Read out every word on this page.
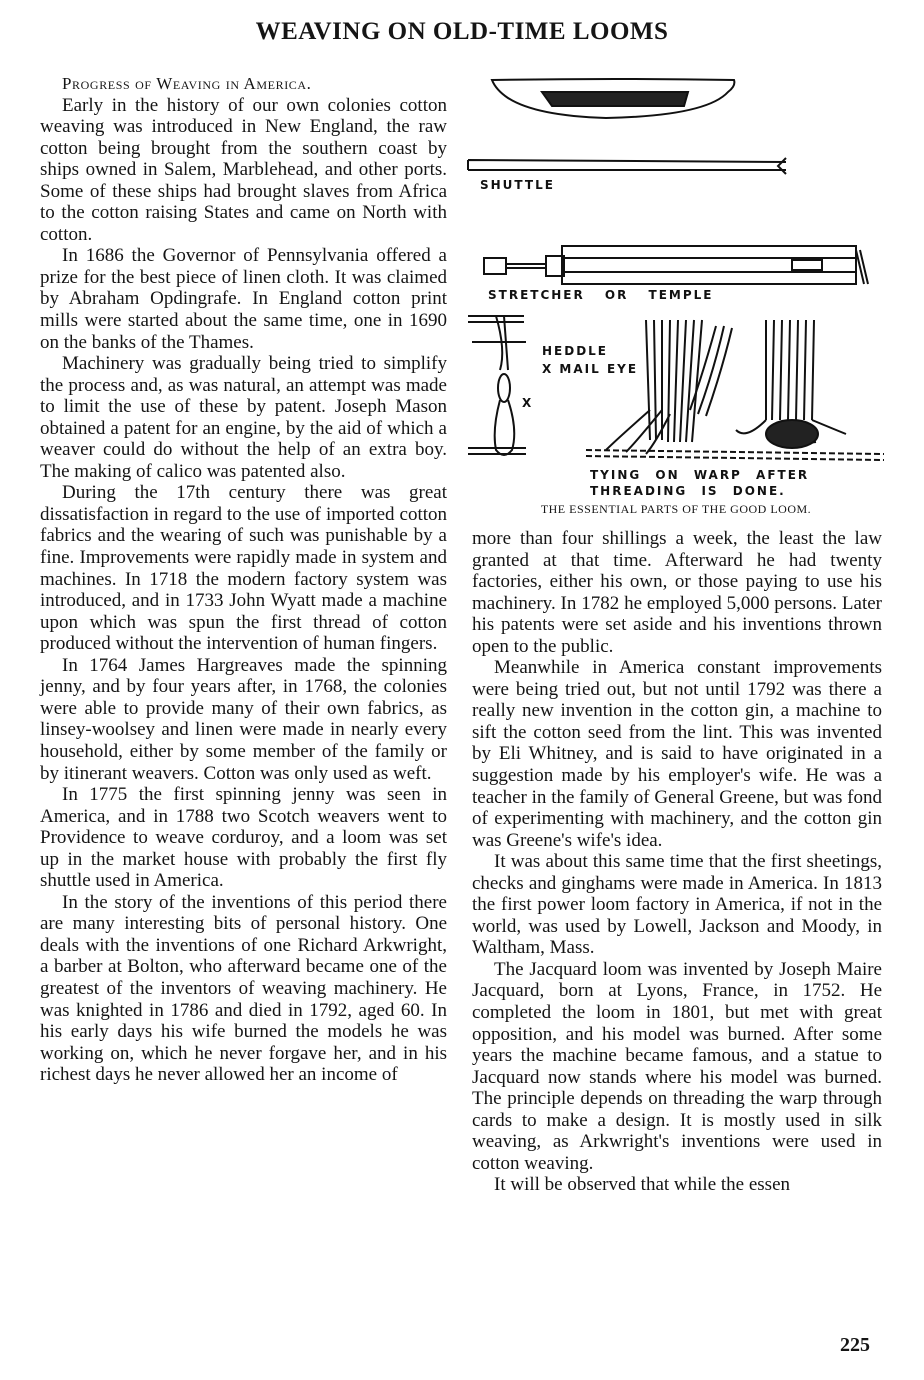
WEAVING ON OLD-TIME LOOMS

Progress of Weaving in America.

Early in the history of our own colonies cotton weaving was introduced in New England, the raw cotton being brought from the southern coast by ships owned in Salem, Marblehead, and other ports. Some of these ships had brought slaves from Africa to the cotton raising States and came on North with cotton.

In 1686 the Governor of Pennsylvania offered a prize for the best piece of linen cloth. It was claimed by Abraham Opdingrafe. In England cotton print mills were started about the same time, one in 1690 on the banks of the Thames.

Machinery was gradually being tried to simplify the process and, as was natural, an attempt was made to limit the use of these by patent. Joseph Mason obtained a patent for an engine, by the aid of which a weaver could do without the help of an extra boy. The making of calico was patented also.

During the 17th century there was great dissatisfaction in regard to the use of imported cotton fabrics and the wearing of such was punishable by a fine. Improvements were rapidly made in system and machines. In 1718 the modern factory system was introduced, and in 1733 John Wyatt made a machine upon which was spun the first thread of cotton produced without the intervention of human fingers.

In 1764 James Hargreaves made the spinning jenny, and by four years after, in 1768, the colonies were able to provide many of their own fabrics, as linsey-woolsey and linen were made in nearly every household, either by some member of the family or by itinerant weavers. Cotton was only used as weft.

In 1775 the first spinning jenny was seen in America, and in 1788 two Scotch weavers went to Providence to weave corduroy, and a loom was set up in the market house with probably the first fly shuttle used in America.

In the story of the inventions of this period there are many interesting bits of personal history. One deals with the inventions of one Richard Arkwright, a barber at Bolton, who afterward became one of the greatest of the inventors of weaving machinery. He was knighted in 1786 and died in 1792, aged 60. In his early days his wife burned the models he was working on, which he never forgave her, and in his richest days he never allowed her an income of

SHUTTLE
STRETCHER OR TEMPLE
HEDDLE
X MAIL EYE
X
TYING ON WARP AFTER
THREADING IS DONE.
THE ESSENTIAL PARTS OF THE GOOD LOOM.

more than four shillings a week, the least the law granted at that time. Afterward he had twenty factories, either his own, or those paying to use his machinery. In 1782 he employed 5,000 persons. Later his patents were set aside and his inventions thrown open to the public.

Meanwhile in America constant improvements were being tried out, but not until 1792 was there a really new invention in the cotton gin, a machine to sift the cotton seed from the lint. This was invented by Eli Whitney, and is said to have originated in a suggestion made by his employer's wife. He was a teacher in the family of General Greene, but was fond of experimenting with machinery, and the cotton gin was Greene's wife's idea.

It was about this same time that the first sheetings, checks and ginghams were made in America. In 1813 the first power loom factory in America, if not in the world, was used by Lowell, Jackson and Moody, in Waltham, Mass.

The Jacquard loom was invented by Joseph Maire Jacquard, born at Lyons, France, in 1752. He completed the loom in 1801, but met with great opposition, and his model was burned. After some years the machine became famous, and a statue to Jacquard now stands where his model was burned. The principle depends on threading the warp through cards to make a design. It is mostly used in silk weaving, as Arkwright's inventions were used in cotton weaving.

It will be observed that while the essen

225
